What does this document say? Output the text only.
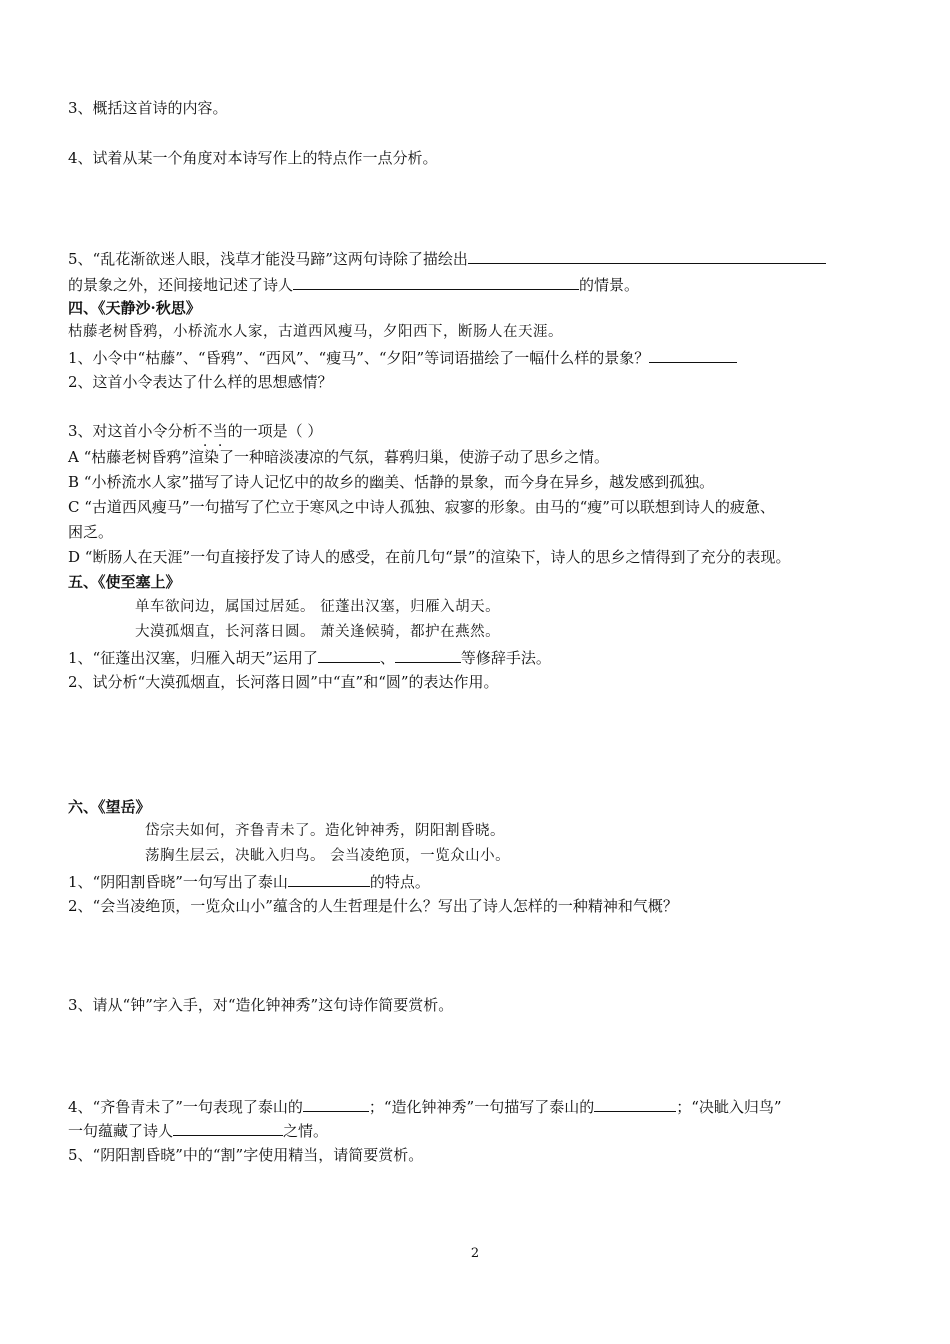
3、概括这首诗的内容。
4、试着从某一个角度对本诗写作上的特点作一点分析。
5、“乱花渐欲迷人眼，浅草才能没马蹄”这两句诗除了描绘出
的景象之外，还间接地记述了诗人	的情景。
四、《天静沙·秋思》
枯藤老树昏鸦，小桥流水人家，古道西风瘦马，夕阳西下，断肠人在天涯。
1、小令中“枯藤”、“昏鸦”、“西风”、“瘦马”、“夕阳”等词语描绘了一幅什么样的景象？
2、这首小令表达了什么样的思想感情？
3、对这首小令分析不当的一项是（ ）
A “枯藤老树昏鸦”渲染了一种暗淡凄凉的气氛，暮鸦归巢，使游子动了思乡之情。
B “小桥流水人家”描写了诗人记忆中的故乡的幽美、恬静的景象，而今身在异乡，越发感到孤独。
C “古道西风瘦马”一句描写了伫立于寒风之中诗人孤独、寂寥的形象。由马的“瘦”可以联想到诗人的疲惫、
困乏。
D “断肠人在天涯”一句直接抒发了诗人的感受，在前几句“景”的渲染下，诗人的思乡之情得到了充分的表现。
五、《使至塞上》
单车欲问边，属国过居延。 征蓬出汉塞，归雁入胡天。
大漠孤烟直，长河落日圆。 萧关逢候骑，都护在燕然。
1、“征蓬出汉塞，归雁入胡天”运用了	、	等修辞手法。
2、试分析“大漠孤烟直，长河落日圆”中“直”和“圆”的表达作用。
六、《望岳》
岱宗夫如何，齐鲁青未了。造化钟神秀，阴阳割昏晓。
荡胸生层云，决眦入归鸟。 会当凌绝顶，一览众山小。
1、“阴阳割昏晓”一句写出了泰山	的特点。
2、“会当凌绝顶，一览众山小”蕴含的人生哲理是什么？写出了诗人怎样的一种精神和气概？
3、请从“钟”字入手，对“造化钟神秀”这句诗作简要赏析。
4、“齐鲁青未了”一句表现了泰山的	；“造化钟神秀”一句描写了泰山的	；“决眦入归鸟”
一句蕴藏了诗人	之情。
5、“阴阳割昏晓”中的“割”字使用精当，请简要赏析。
2
